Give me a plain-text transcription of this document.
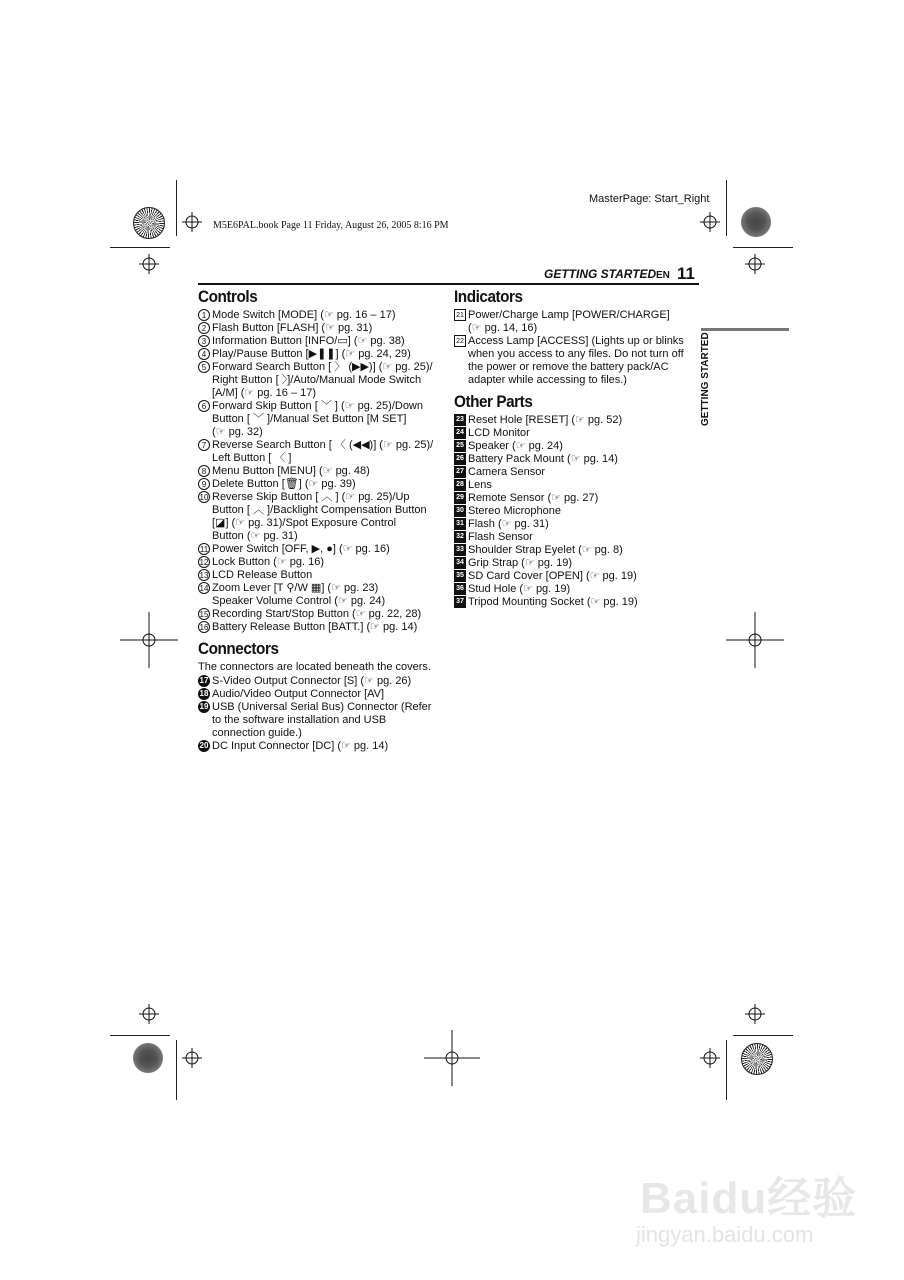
MasterPage: Start_Right
M5E6PAL.book Page 11 Friday, August 26, 2005 8:16 PM
GETTING STARTED EN 11
GETTING STARTED
Controls
1 Mode Switch [MODE] (☞ pg. 16 – 17)
2 Flash Button [FLASH] (☞ pg. 31)
3 Information Button [INFO/▭] (☞ pg. 38)
4 Play/Pause Button [▶❚❚] (☞ pg. 24, 29)
5 Forward Search Button [ 〉 (▶▶)] (☞ pg. 25)/
Right Button [ 〉]/Auto/Manual Mode Switch
[A/M] (☞ pg. 16 – 17)
6 Forward Skip Button [ ﹀ ] (☞ pg. 25)/Down
Button [ ﹀ ]/Manual Set Button [M SET]
(☞ pg. 32)
7 Reverse Search Button [ 〈 (◀◀)] (☞ pg. 25)/
Left Button [ 〈 ]
8 Menu Button [MENU] (☞ pg. 48)
9 Delete Button [🗑] (☞ pg. 39)
10 Reverse Skip Button [ ︿ ] (☞ pg. 25)/Up
Button [ ︿ ]/Backlight Compensation Button
[◪] (☞ pg. 31)/Spot Exposure Control
Button (☞ pg. 31)
11 Power Switch [OFF, ▶, ●] (☞ pg. 16)
12 Lock Button (☞ pg. 16)
13 LCD Release Button
14 Zoom Lever [T ⚲/W ▦] (☞ pg. 23)
Speaker Volume Control (☞ pg. 24)
15 Recording Start/Stop Button (☞ pg. 22, 28)
16 Battery Release Button [BATT.] (☞ pg. 14)
Connectors

The connectors are located beneath the covers.

17 S-Video Output Connector [S] (☞ pg. 26)
18 Audio/Video Output Connector [AV]
19 USB (Universal Serial Bus) Connector (Refer
to the software installation and USB
connection guide.)
20 DC Input Connector [DC] (☞ pg. 14)
Indicators
21 Power/Charge Lamp [POWER/CHARGE]
(☞ pg. 14, 16)
22 Access Lamp [ACCESS] (Lights up or blinks
when you access to any files. Do not turn off
the power or remove the battery pack/AC
adapter while accessing to files.)
Other Parts
23 Reset Hole [RESET] (☞ pg. 52)
24 LCD Monitor
25 Speaker (☞ pg. 24)
26 Battery Pack Mount (☞ pg. 14)
27 Camera Sensor
28 Lens
29 Remote Sensor (☞ pg. 27)
30 Stereo Microphone
31 Flash (☞ pg. 31)
32 Flash Sensor
33 Shoulder Strap Eyelet (☞ pg. 8)
34 Grip Strap (☞ pg. 19)
35 SD Card Cover [OPEN] (☞ pg. 19)
36 Stud Hole (☞ pg. 19)
37 Tripod Mounting Socket (☞ pg. 19)
Baidu经验
jingyan.baidu.com
